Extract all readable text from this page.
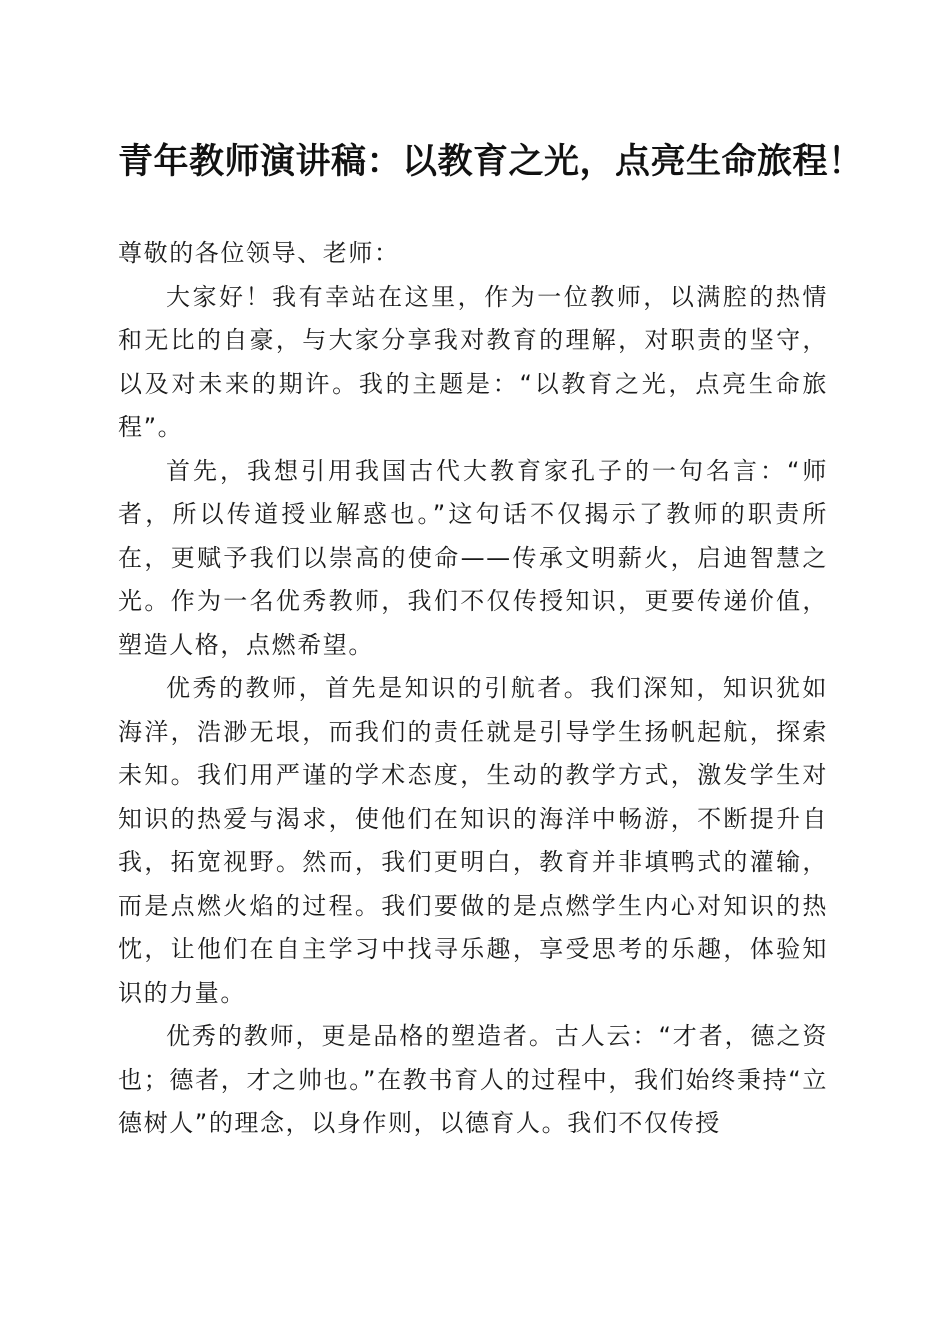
青年教师演讲稿：以教育之光，点亮生命旅程！

尊敬的各位领导、老师：

大家好！我有幸站在这里，作为一位教师，以满腔的热情和无比的自豪，与大家分享我对教育的理解，对职责的坚守，以及对未来的期许。我的主题是：“以教育之光，点亮生命旅程”。

首先，我想引用我国古代大教育家孔子的一句名言：“师者，所以传道授业解惑也。”这句话不仅揭示了教师的职责所在，更赋予我们以崇高的使命——传承文明薪火，启迪智慧之光。作为一名优秀教师，我们不仅传授知识，更要传递价值，塑造人格，点燃希望。

优秀的教师，首先是知识的引航者。我们深知，知识犹如海洋，浩渺无垠，而我们的责任就是引导学生扬帆起航，探索未知。我们用严谨的学术态度，生动的教学方式，激发学生对知识的热爱与渴求，使他们在知识的海洋中畅游，不断提升自我，拓宽视野。然而，我们更明白，教育并非填鸭式的灌输，而是点燃火焰的过程。我们要做的是点燃学生内心对知识的热忱，让他们在自主学习中找寻乐趣，享受思考的乐趣，体验知识的力量。

优秀的教师，更是品格的塑造者。古人云：“才者，德之资也；德者，才之帅也。”在教书育人的过程中，我们始终秉持“立德树人”的理念，以身作则，以德育人。我们不仅传授
